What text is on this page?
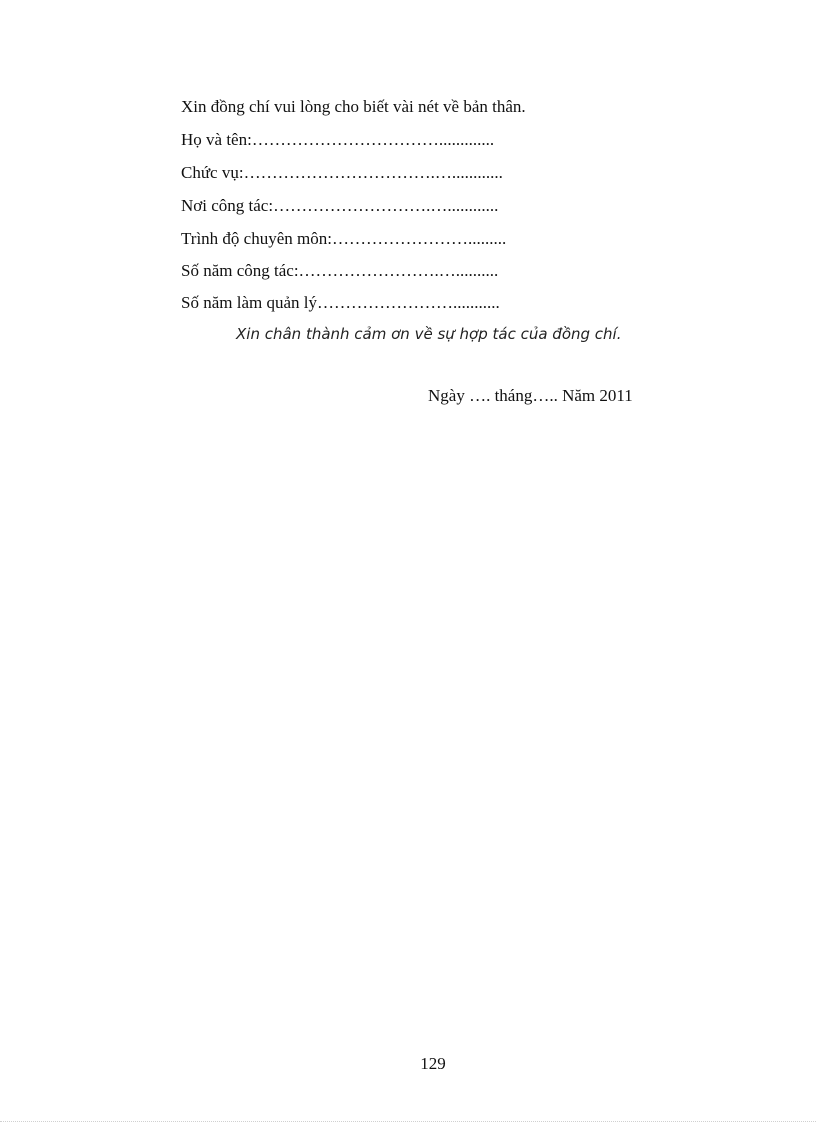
Xin đồng chí vui lòng cho biết vài nét về bản thân.
Họ và tên:…………………………….............
Chức vụ:…………………………….…............
Nơi công tác:……………………….…............
Trình độ chuyên môn:…………………….........
Số năm công tác:…………………….…..........
Số năm làm quản lý……………………...........
Xin chân thành cảm ơn về sự hợp tác của đồng chí.
Ngày …. tháng….. Năm 2011
129
